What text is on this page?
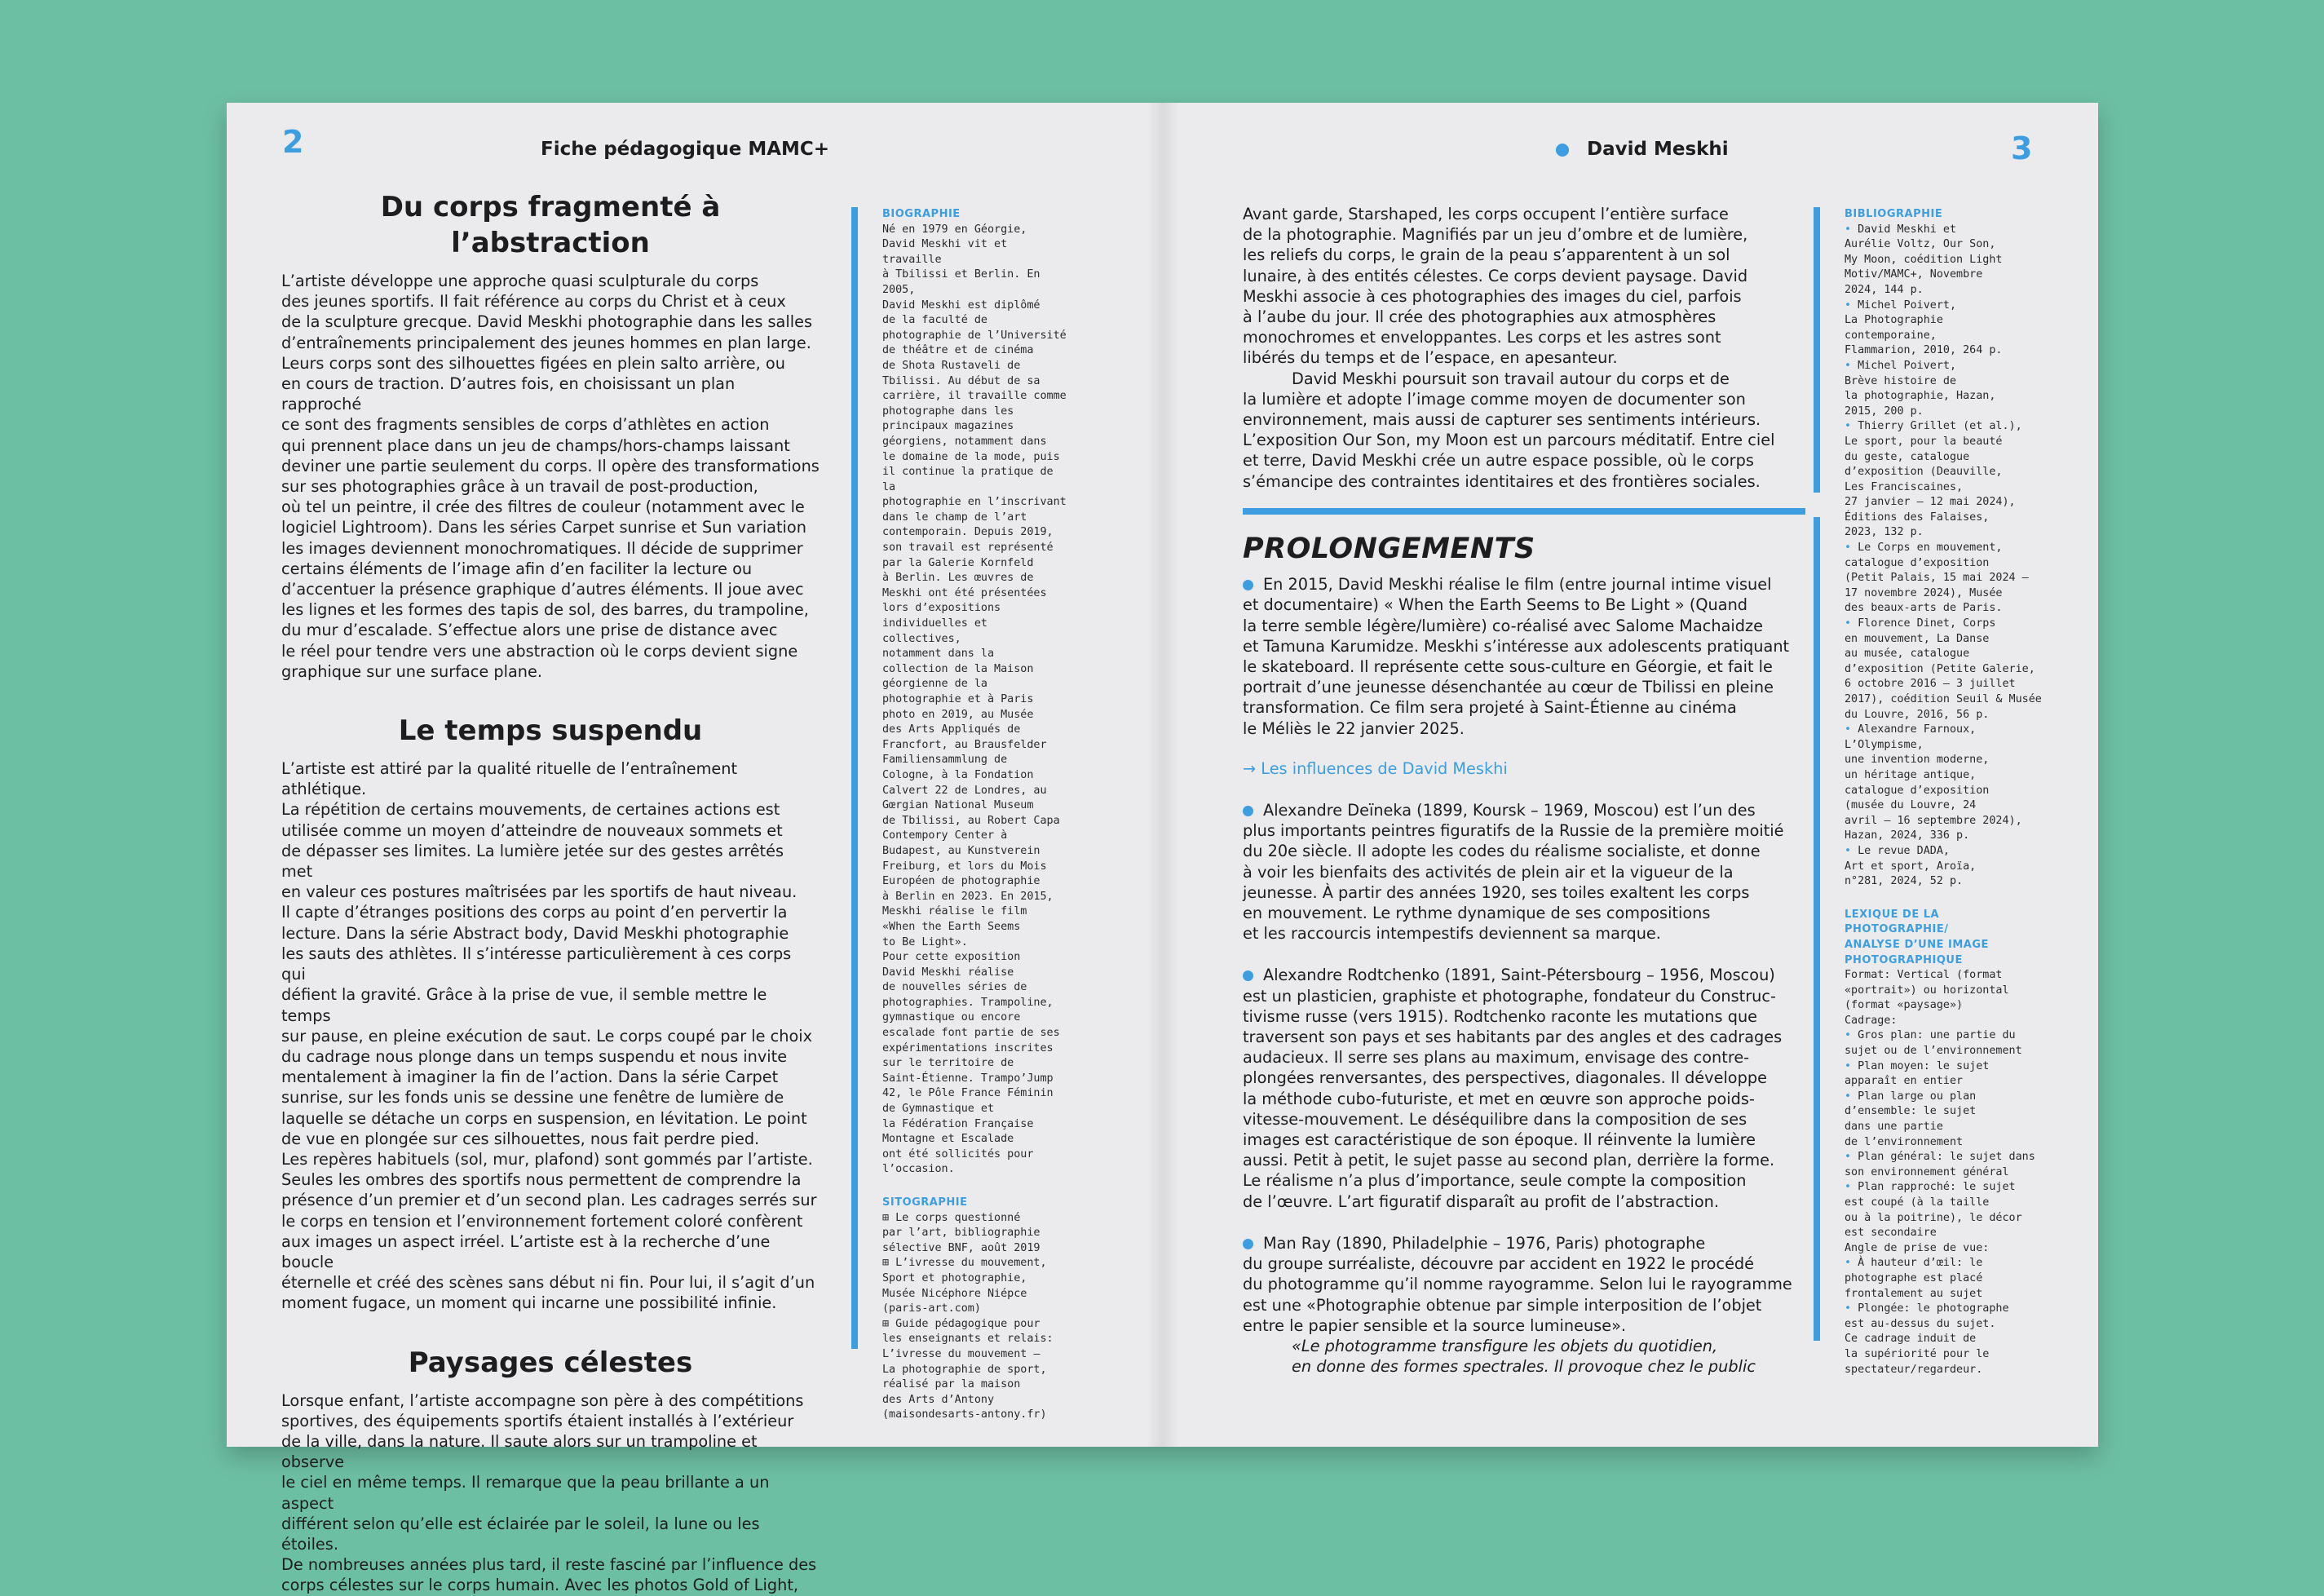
2	Fiche pédagogique MAMC+
Du corps fragmenté à l’abstraction

L’artiste développe une approche quasi sculpturale du corps

des jeunes sportifs. Il fait référence au corps du Christ et à ceux

de la sculpture grecque. David Meskhi photographie dans les salles

d’entraînements principalement des jeunes hommes en plan large.

Leurs corps sont des silhouettes figées en plein salto arrière, ou

en cours de traction. D’autres fois, en choisissant un plan rapproché

ce sont des fragments sensibles de corps d’athlètes en action

qui prennent place dans un jeu de champs/hors-champs laissant

deviner une partie seulement du corps. Il opère des transformations

sur ses photographies grâce à un travail de post-production,

où tel un peintre, il crée des filtres de couleur (notamment avec le

logiciel Lightroom). Dans les séries Carpet sunrise et Sun variation

les images deviennent monochromatiques. Il décide de supprimer

certains éléments de l’image afin d’en faciliter la lecture ou

d’accentuer la présence graphique d’autres éléments. Il joue avec

les lignes et les formes des tapis de sol, des barres, du trampoline,

du mur d’escalade. S’effectue alors une prise de distance avec

le réel pour tendre vers une abstraction où le corps devient signe

graphique sur une surface plane.

Le temps suspendu

L’artiste est attiré par la qualité rituelle de l’entraînement athlétique.

La répétition de certains mouvements, de certaines actions est

utilisée comme un moyen d’atteindre de nouveaux sommets et

de dépasser ses limites. La lumière jetée sur des gestes arrêtés met

en valeur ces postures maîtrisées par les sportifs de haut niveau.

Il capte d’étranges positions des corps au point d’en pervertir la

lecture. Dans la série Abstract body, David Meskhi photographie

les sauts des athlètes. Il s’intéresse particulièrement à ces corps qui

défient la gravité. Grâce à la prise de vue, il semble mettre le temps

sur pause, en pleine exécution de saut. Le corps coupé par le choix

du cadrage nous plonge dans un temps suspendu et nous invite

mentalement à imaginer la fin de l’action. Dans la série Carpet

sunrise, sur les fonds unis se dessine une fenêtre de lumière de

laquelle se détache un corps en suspension, en lévitation. Le point

de vue en plongée sur ces silhouettes, nous fait perdre pied.

Les repères habituels (sol, mur, plafond) sont gommés par l’artiste.

Seules les ombres des sportifs nous permettent de comprendre la

présence d’un premier et d’un second plan. Les cadrages serrés sur

le corps en tension et l’environnement fortement coloré confèrent

aux images un aspect irréel. L’artiste est à la recherche d’une boucle

éternelle et créé des scènes sans début ni fin. Pour lui, il s’agit d’un

moment fugace, un moment qui incarne une possibilité infinie.

Paysages célestes

Lorsque enfant, l’artiste accompagne son père à des compétitions

sportives, des équipements sportifs étaient installés à l’extérieur

de la ville, dans la nature. Il saute alors sur un trampoline et observe

le ciel en même temps. Il remarque que la peau brillante a un aspect

différent selon qu’elle est éclairée par le soleil, la lune ou les étoiles.

De nombreuses années plus tard, il reste fasciné par l’influence des

corps célestes sur le corps humain. Avec les photos Gold of Light,

BIOGRAPHIE

Né en 1979 en Géorgie,

David Meskhi vit et travaille

à Tbilissi et Berlin. En 2005,

David Meskhi est diplômé

de la faculté de

photographie de l’Université

de théâtre et de cinéma

de Shota Rustaveli de

Tbilissi. Au début de sa

carrière, il travaille comme

photographe dans les

principaux magazines

géorgiens, notamment dans

le domaine de la mode, puis

il continue la pratique de la

photographie en l’inscrivant

dans le champ de l’art

contemporain. Depuis 2019,

son travail est représenté

par la Galerie Kornfeld

à Berlin. Les œuvres de

Meskhi ont été présentées

lors d’expositions

individuelles et collectives,

notamment dans la

collection de la Maison

géorgienne de la

photographie et à Paris

photo en 2019, au Musée

des Arts Appliqués de

Francfort, au Brausfelder

Familiensammlung de

Cologne, à la Fondation

Calvert 22 de Londres, au

Gœrgian National Museum

de Tbilissi, au Robert Capa

Contempory Center à

Budapest, au Kunstverein

Freiburg, et lors du Mois

Européen de photographie

à Berlin en 2023. En 2015,

Meskhi réalise le film

«When the Earth Seems

to Be Light».

Pour cette exposition

David Meskhi réalise

de nouvelles séries de

photographies. Trampoline,

gymnastique ou encore

escalade font partie de ses

expérimentations inscrites

sur le territoire de

Saint-Étienne. Trampo’Jump

42, le Pôle France Féminin

de Gymnastique et

la Fédération Française

Montagne et Escalade

ont été sollicités pour

l’occasion.

SITOGRAPHIE

⊞ Le corps questionné

par l’art, bibliographie

sélective BNF, août 2019

⊞ L’ivresse du mouvement,

Sport et photographie,

Musée Nicéphore Niépce

(paris-art.com)

⊞ Guide pédagogique pour

les enseignants et relais:

L’ivresse du mouvement –

La photographie de sport,

réalisé par la maison

des Arts d’Antony

(maisondesarts-antony.fr)

David Meskhi	3

Avant garde, Starshaped, les corps occupent l’entière surface

de la photographie. Magnifiés par un jeu d’ombre et de lumière,

les reliefs du corps, le grain de la peau s’apparentent à un sol

lunaire, à des entités célestes. Ce corps devient paysage. David

Meskhi associe à ces photographies des images du ciel, parfois

à l’aube du jour. Il crée des photographies aux atmosphères

monochromes et enveloppantes. Les corps et les astres sont

libérés du temps et de l’espace, en apesanteur.

David Meskhi poursuit son travail autour du corps et de

la lumière et adopte l’image comme moyen de documenter son

environnement, mais aussi de capturer ses sentiments intérieurs.

L’exposition Our Son, my Moon est un parcours méditatif. Entre ciel

et terre, David Meskhi crée un autre espace possible, où le corps

s’émancipe des contraintes identitaires et des frontières sociales.

PROLONGEMENTS

En 2015, David Meskhi réalise le film (entre journal intime visuel

et documentaire) « When the Earth Seems to Be Light » (Quand

la terre semble légère/lumière) co-réalisé avec Salome Machaidze

et Tamuna Karumidze. Meskhi s’intéresse aux adolescents pratiquant

le skateboard. Il représente cette sous-culture en Géorgie, et fait le

portrait d’une jeunesse désenchantée au cœur de Tbilissi en pleine

transformation. Ce film sera projeté à Saint-Étienne au cinéma

le Méliès le 22 janvier 2025.

→ Les influences de David Meskhi

Alexandre Deïneka (1899, Koursk – 1969, Moscou) est l’un des

plus importants peintres figuratifs de la Russie de la première moitié

du 20e siècle. Il adopte les codes du réalisme socialiste, et donne

à voir les bienfaits des activités de plein air et la vigueur de la

jeunesse. À partir des années 1920, ses toiles exaltent les corps

en mouvement. Le rythme dynamique de ses compositions

et les raccourcis intempestifs deviennent sa marque.

Alexandre Rodtchenko (1891, Saint-Pétersbourg – 1956, Moscou)

est un plasticien, graphiste et photographe, fondateur du Construc-

tivisme russe (vers 1915). Rodtchenko raconte les mutations que

traversent son pays et ses habitants par des angles et des cadrages

audacieux. Il serre ses plans au maximum, envisage des contre-

plongées renversantes, des perspectives, diagonales. Il développe

la méthode cubo-futuriste, et met en œuvre son approche poids-

vitesse-mouvement. Le déséquilibre dans la composition de ses

images est caractéristique de son époque. Il réinvente la lumière

aussi. Petit à petit, le sujet passe au second plan, derrière la forme.

Le réalisme n’a plus d’importance, seule compte la composition

de l’œuvre. L’art figuratif disparaît au profit de l’abstraction.

Man Ray (1890, Philadelphie – 1976, Paris) photographe

du groupe surréaliste, découvre par accident en 1922 le procédé

du photogramme qu’il nomme rayogramme. Selon lui le rayogramme

est une «Photographie obtenue par simple interposition de l’objet

entre le papier sensible et la source lumineuse».

«Le photogramme transfigure les objets du quotidien,

en donne des formes spectrales. Il provoque chez le public

BIBLIOGRAPHIE

• David Meskhi et

Aurélie Voltz, Our Son,

My Moon, coédition Light

Motiv/MAMC+, Novembre

2024, 144 p.

• Michel Poivert,

La Photographie

contemporaine,

Flammarion, 2010, 264 p.

• Michel Poivert,

Brève histoire de

la photographie, Hazan,

2015, 200 p.

• Thierry Grillet (et al.),

Le sport, pour la beauté

du geste, catalogue

d’exposition (Deauville,

Les Franciscaines,

27 janvier – 12 mai 2024),

Éditions des Falaises,

2023, 132 p.

• Le Corps en mouvement,

catalogue d’exposition

(Petit Palais, 15 mai 2024 –

17 novembre 2024), Musée

des beaux-arts de Paris.

• Florence Dinet, Corps

en mouvement, La Danse

au musée, catalogue

d’exposition (Petite Galerie,

6 octobre 2016 – 3 juillet

2017), coédition Seuil & Musée

du Louvre, 2016, 56 p.

• Alexandre Farnoux,

L’Olympisme,

une invention moderne,

un héritage antique,

catalogue d’exposition

(musée du Louvre, 24

avril – 16 septembre 2024),

Hazan, 2024, 336 p.

• Le revue DADA,

Art et sport, Aroïa,

n°281, 2024, 52 p.

LEXIQUE DE LA PHOTOGRAPHIE/ ANALYSE D’UNE IMAGE PHOTOGRAPHIQUE

Format: Vertical (format

«portrait») ou horizontal

(format «paysage»)

Cadrage:

• Gros plan: une partie du

sujet ou de l’environnement

• Plan moyen: le sujet

apparaît en entier

• Plan large ou plan

d’ensemble: le sujet

dans une partie

de l’environnement

• Plan général: le sujet dans

son environnement général

• Plan rapproché: le sujet

est coupé (à la taille

ou à la poitrine), le décor

est secondaire

Angle de prise de vue:

• À hauteur d’œil: le

photographe est placé

frontalement au sujet

• Plongée: le photographe

est au-dessus du sujet.

Ce cadrage induit de

la supériorité pour le

spectateur/regardeur.
